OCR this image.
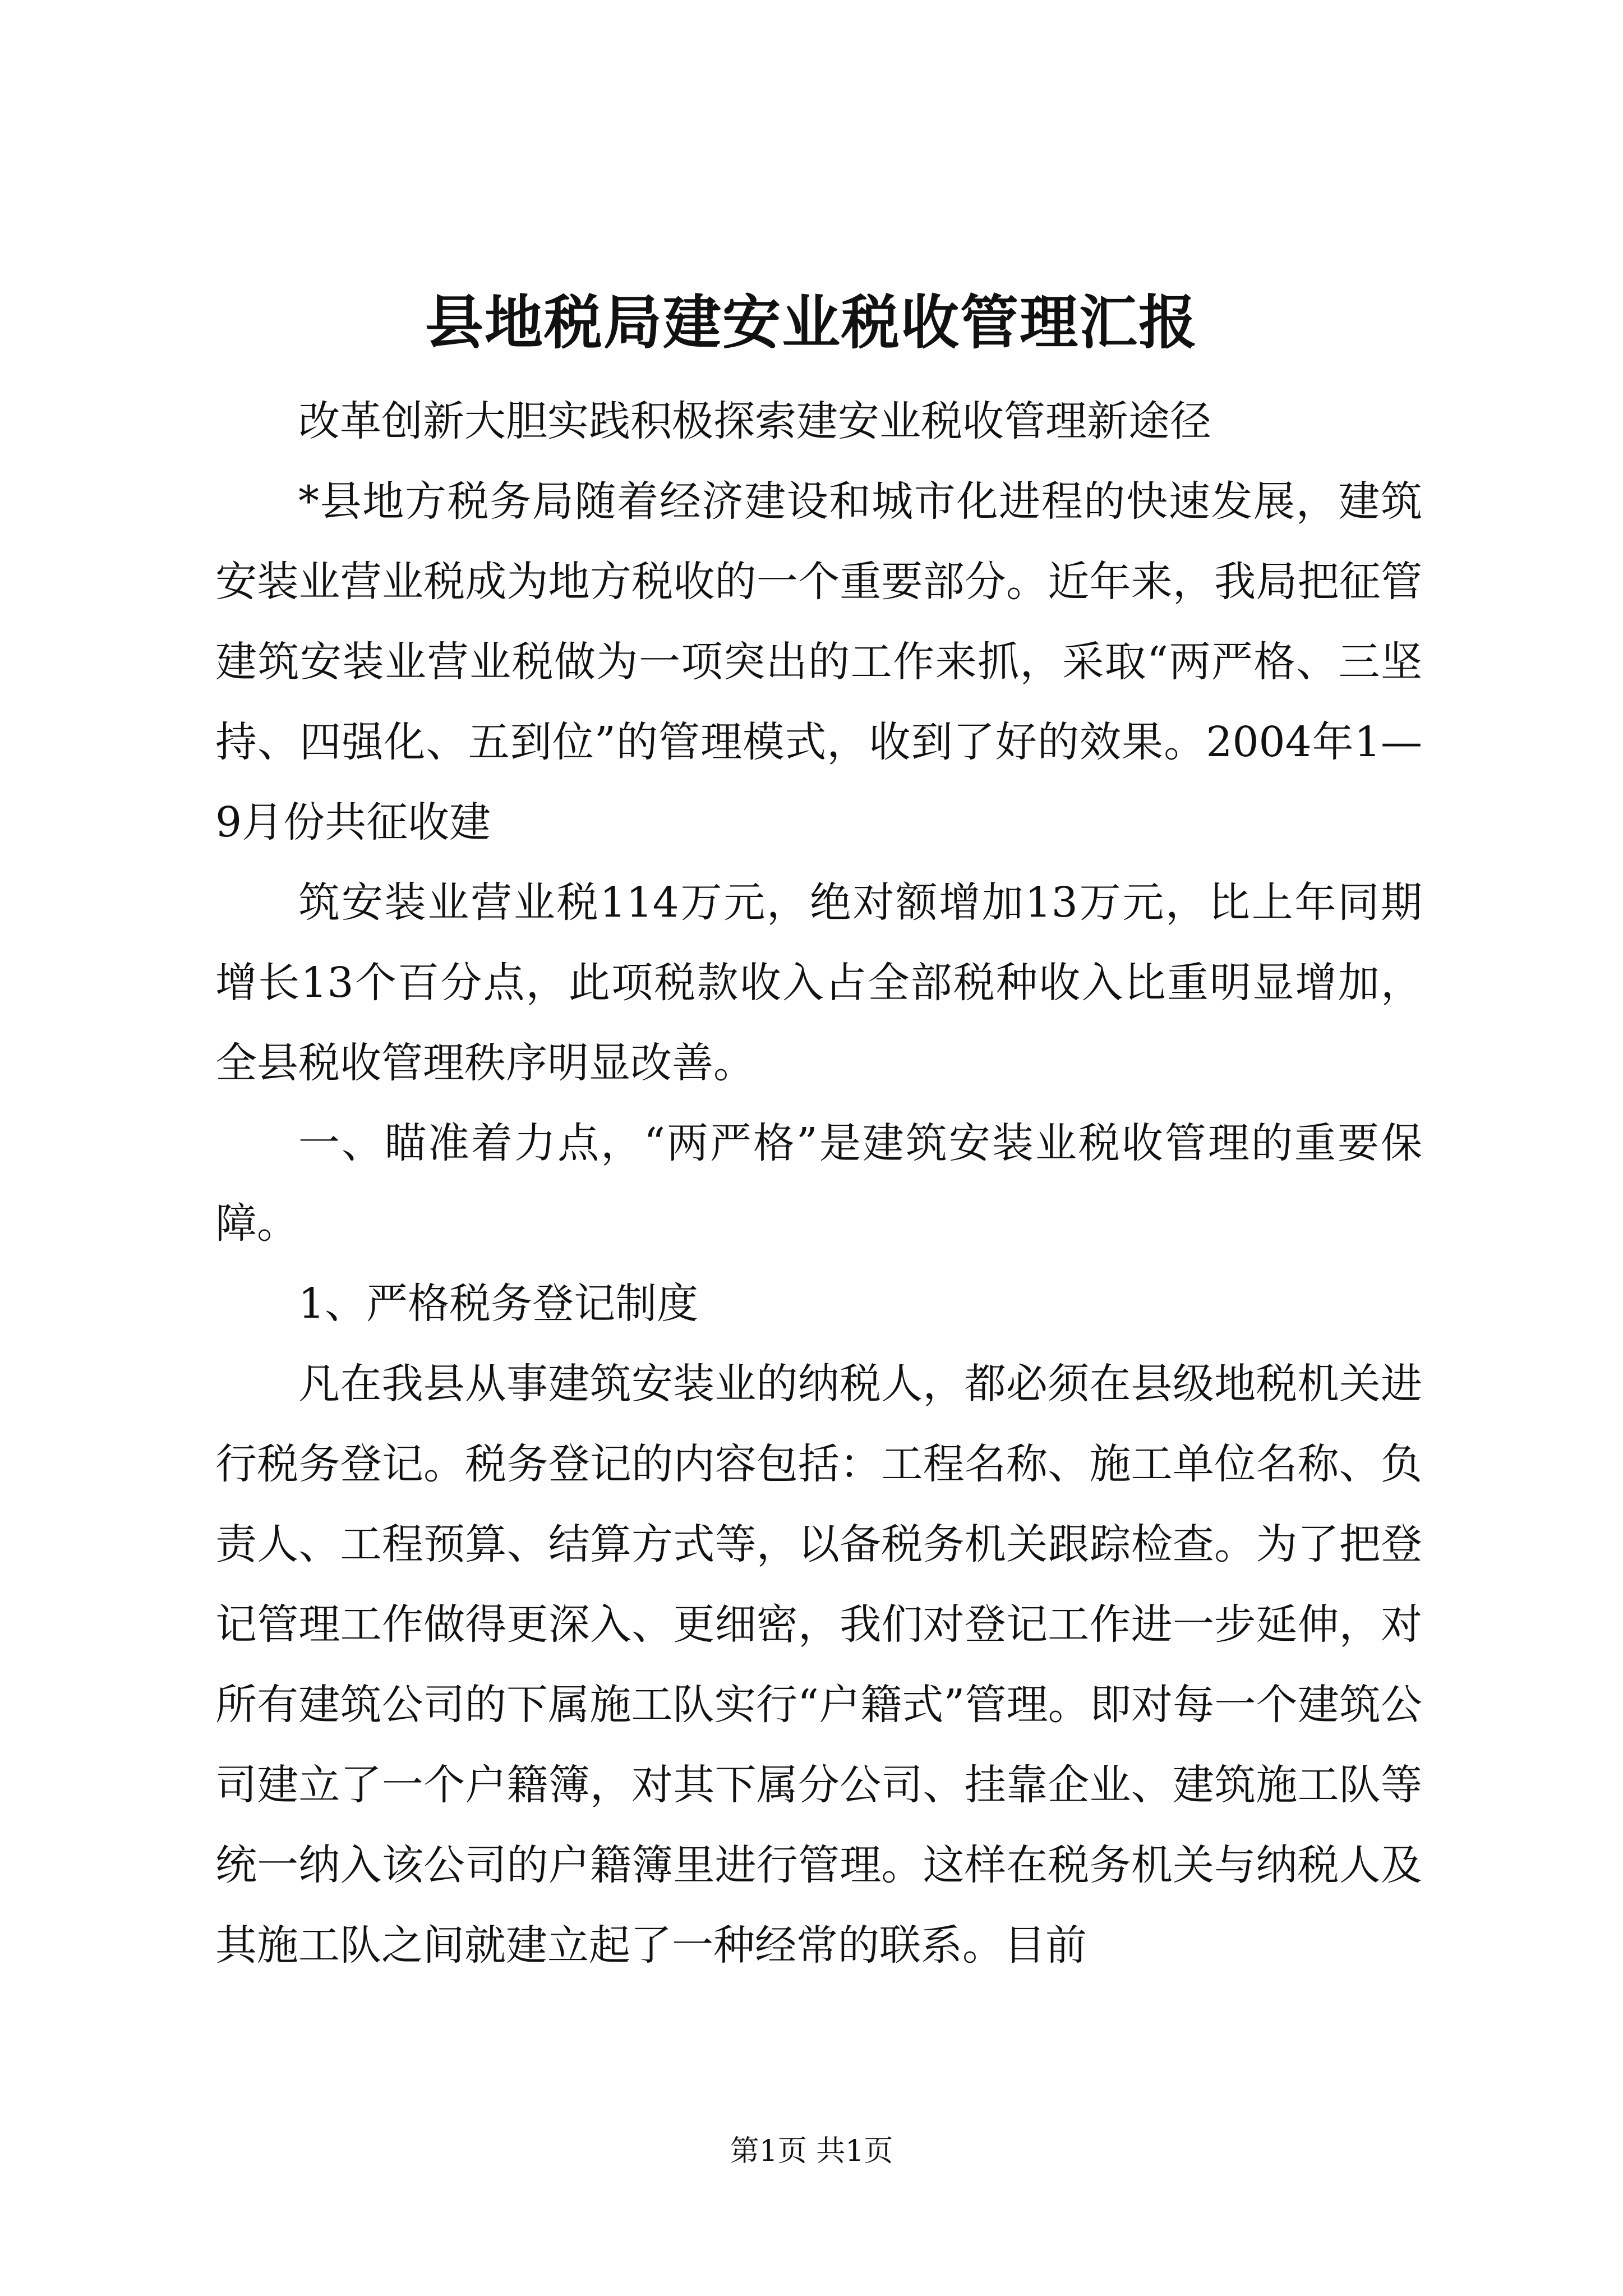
县地税局建安业税收管理汇报

改革创新大胆实践积极探索建安业税收管理新途径

*县地方税务局随着经济建设和城市化进程的快速发展，建筑安装业营业税成为地方税收的一个重要部分。近年来，我局把征管建筑安装业营业税做为一项突出的工作来抓，采取“两严格、三坚持、四强化、五到位”的管理模式，收到了好的效果。2004年1—9月份共征收建

筑安装业营业税114万元，绝对额增加13万元，比上年同期增长13个百分点，此项税款收入占全部税种收入比重明显增加，全县税收管理秩序明显改善。

一、瞄准着力点，“两严格”是建筑安装业税收管理的重要保障。

1、严格税务登记制度

凡在我县从事建筑安装业的纳税人，都必须在县级地税机关进行税务登记。税务登记的内容包括：工程名称、施工单位名称、负责人、工程预算、结算方式等，以备税务机关跟踪检查。为了把登记管理工作做得更深入、更细密，我们对登记工作进一步延伸，对所有建筑公司的下属施工队实行“户籍式”管理。即对每一个建筑公司建立了一个户籍簿，对其下属分公司、挂靠企业、建筑施工队等统一纳入该公司的户籍簿里进行管理。这样在税务机关与纳税人及其施工队之间就建立起了一种经常的联系。目前

第1页 共1页
